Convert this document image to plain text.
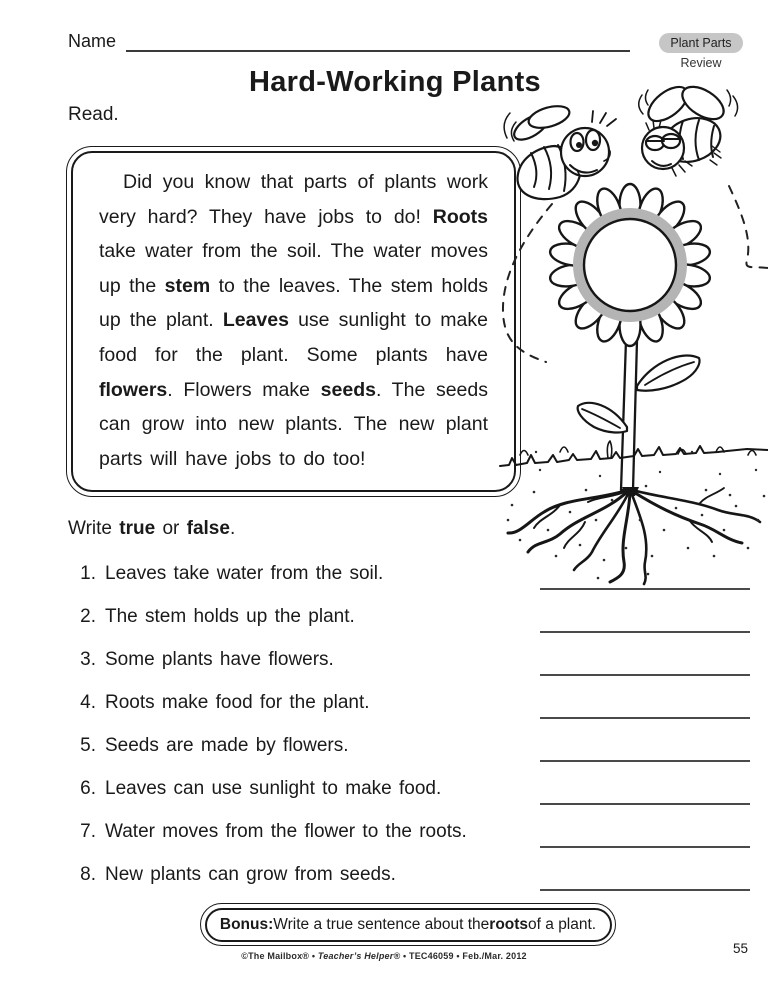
Name	Plant Parts
Review
Hard-Working Plants
Read.

Did you know that parts of plants work very hard? They have jobs to do! Roots take water from the soil. The water moves up the stem to the leaves. The stem holds up the plant. Leaves use sunlight to make food for the plant. Some plants have flowers. Flowers make seeds. The seeds can grow into new plants. The new plant parts will have jobs to do too!

Write true or false.
1. Leaves take water from the soil.
2. The stem holds up the plant.
3. Some plants have flowers.
4. Roots make food for the plant.
5. Seeds are made by flowers.
6. Leaves can use sunlight to make food.
7. Water moves from the flower to the roots.
8. New plants can grow from seeds.
Bonus: Write a true sentence about the roots of a plant.
©The Mailbox® • Teacher’s Helper® • TEC46059 • Feb./Mar. 2012	55
